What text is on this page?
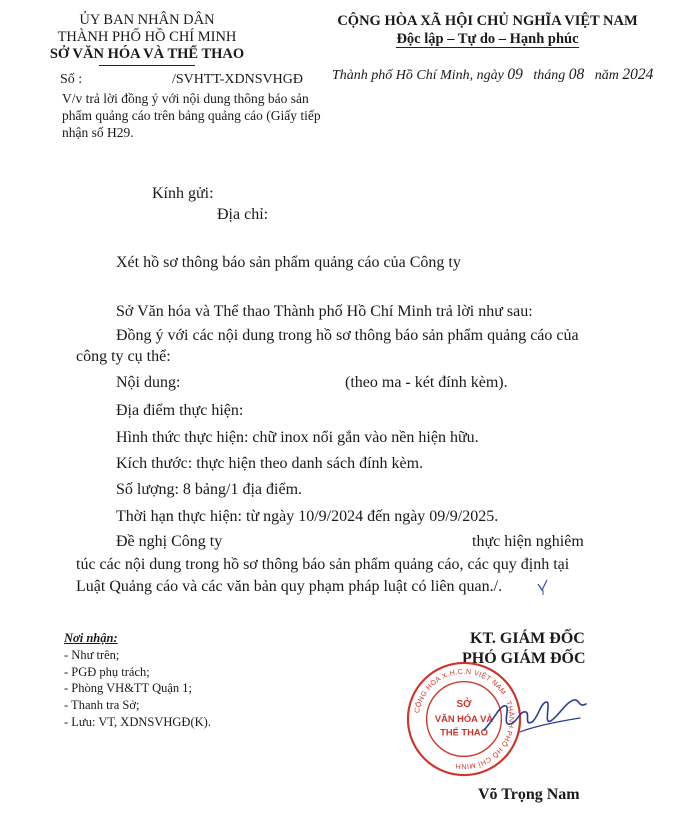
ỦY BAN NHÂN DÂN
THÀNH PHỐ HỒ CHÍ MINH
SỞ VĂN HÓA VÀ THỂ THAO
CỘNG HÒA XÃ HỘI CHỦ NGHĨA VIỆT NAM
Độc lập – Tự do – Hạnh phúc
Số :	/SVHTT-XDNSVHGĐ
V/v trả lời đồng ý với nội dung thông báo sản phẩm quảng cáo trên bảng quảng cáo (Giấy tiếp nhận số H29.
Thành phố Hồ Chí Minh, ngày 09 tháng 08 năm 2024
Kính gửi:
Địa chỉ:
Xét hồ sơ thông báo sản phẩm quảng cáo của Công ty
Sở Văn hóa và Thể thao Thành phố Hồ Chí Minh trả lời như sau:
Đồng ý với các nội dung trong hồ sơ thông báo sản phẩm quảng cáo của
công ty cụ thể:
Nội dung:	(theo ma - két đính kèm).
Địa điểm thực hiện:
Hình thức thực hiện: chữ inox nổi gắn vào nền hiện hữu.
Kích thước: thực hiện theo danh sách đính kèm.
Số lượng: 8 bảng/1 địa điểm.
Thời hạn thực hiện: từ ngày 10/9/2024 đến ngày 09/9/2025.
Đề nghị Công ty	thực hiện nghiêm
túc các nội dung trong hồ sơ thông báo sản phẩm quảng cáo, các quy định tại
Luật Quảng cáo và các văn bản quy phạm pháp luật có liên quan./.
Nơi nhận:
- Như trên;
- PGĐ phụ trách;
- Phòng VH&TT Quận 1;
- Thanh tra Sở;
- Lưu: VT, XDNSVHGĐ(K).
KT. GIÁM ĐỐC
PHÓ GIÁM ĐỐC
CỘNG HÒA X.H.C.N VIỆT NAM · THÀNH PHỐ HỒ CHÍ MINH
SỞ
VĂN HÓA VÀ
THỂ THAO
Võ Trọng Nam
